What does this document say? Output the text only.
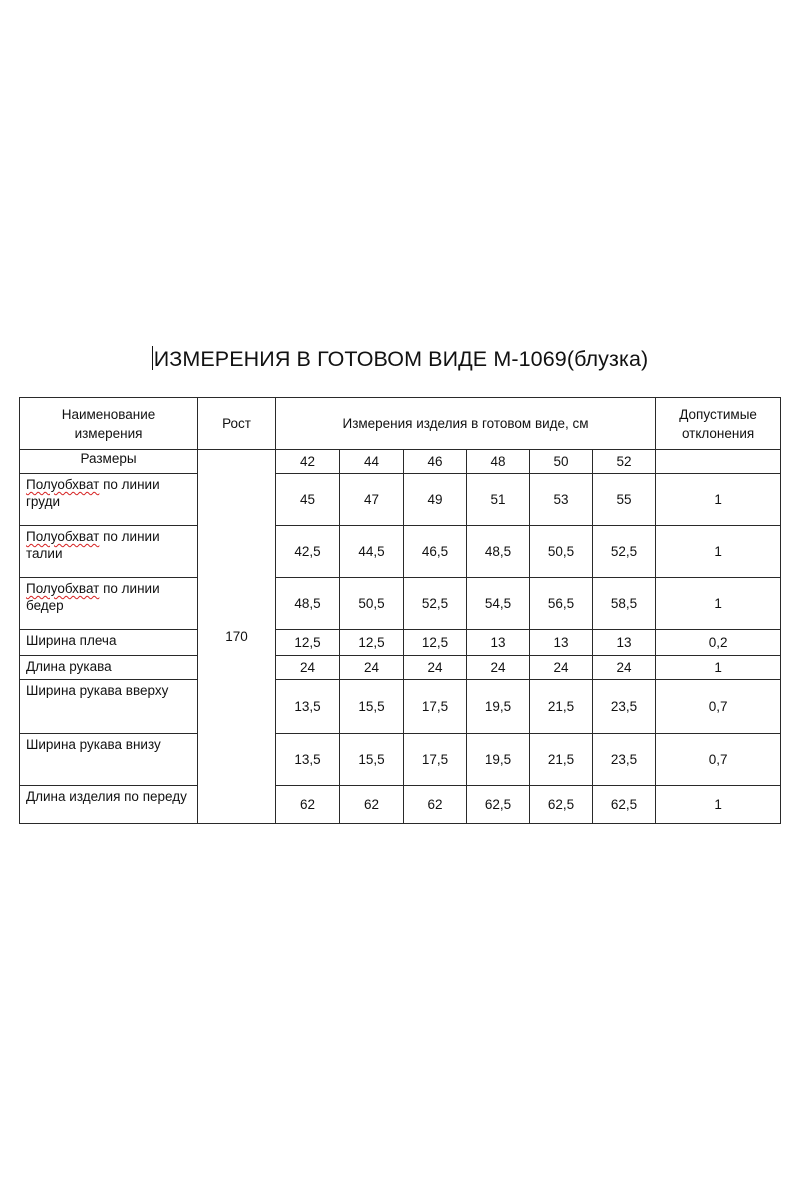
ИЗМЕРЕНИЯ В ГОТОВОМ ВИДЕ М-1069(блузка)
Наименование измерения	Рост	Измерения изделия в готовом виде, см						Допустимые отклонения
Размеры	170	42	44	46	48	50	52	
Полуобхват по линии груди		45	47	49	51	53	55	1
Полуобхват по линии талии		42,5	44,5	46,5	48,5	50,5	52,5	1
Полуобхват по линии бедер		48,5	50,5	52,5	54,5	56,5	58,5	1
Ширина плеча		12,5	12,5	12,5	13	13	13	0,2
Длина рукава		24	24	24	24	24	24	1
Ширина рукава вверху		13,5	15,5	17,5	19,5	21,5	23,5	0,7
Ширина рукава внизу		13,5	15,5	17,5	19,5	21,5	23,5	0,7
Длина изделия по переду		62	62	62	62,5	62,5	62,5	1
